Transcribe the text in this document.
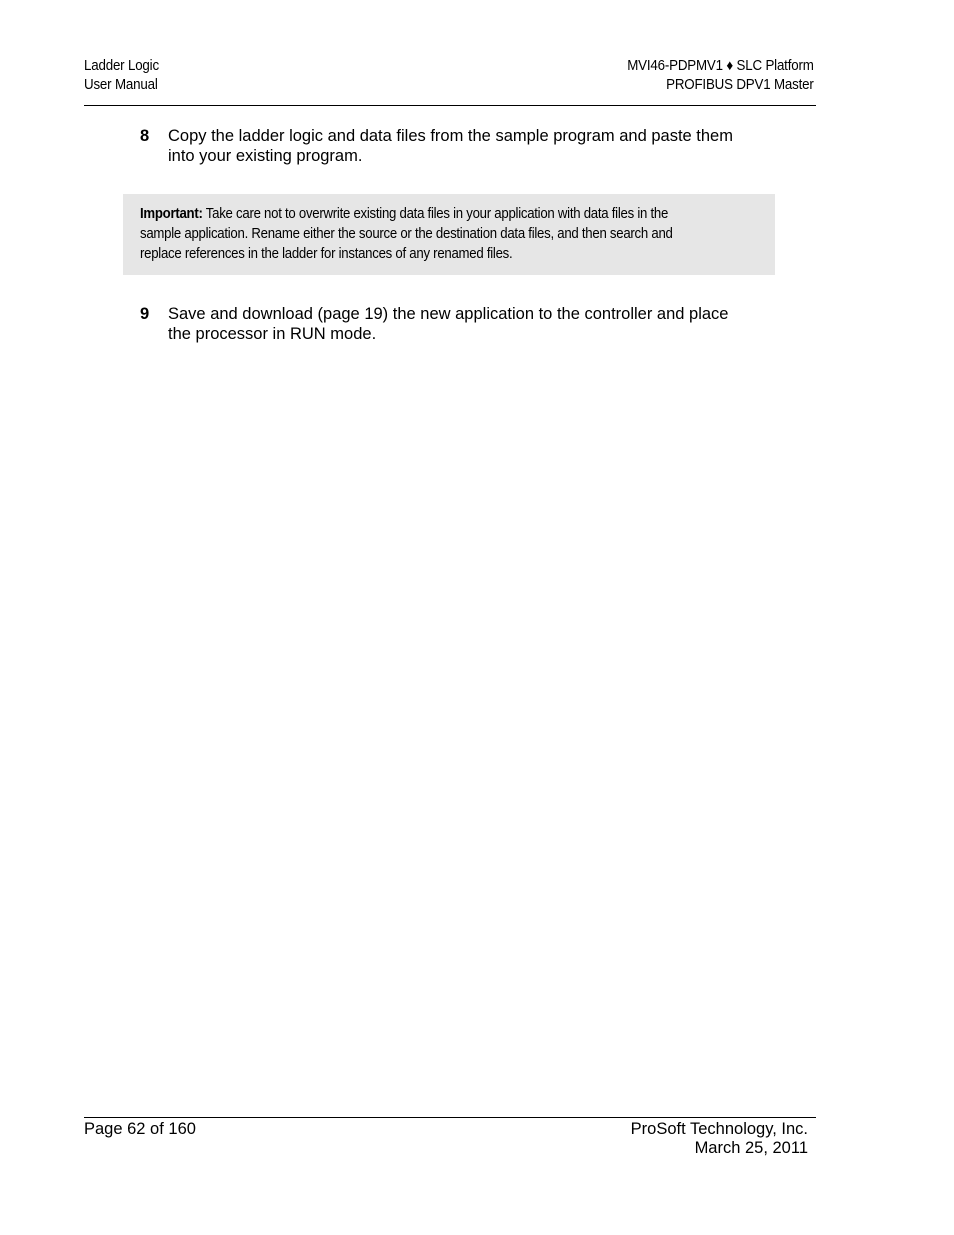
Ladder Logic
User Manual
MVI46-PDPMV1 ♦ SLC Platform
PROFIBUS DPV1 Master
8 Copy the ladder logic and data files from the sample program and paste them
into your existing program.
Important: Take care not to overwrite existing data files in your application with data files in the
sample application. Rename either the source or the destination data files, and then search and
replace references in the ladder for instances of any renamed files.
9 Save and download (page 19) the new application to the controller and place
the processor in RUN mode.
Page 62 of 160	ProSoft Technology, Inc.
March 25, 2011
